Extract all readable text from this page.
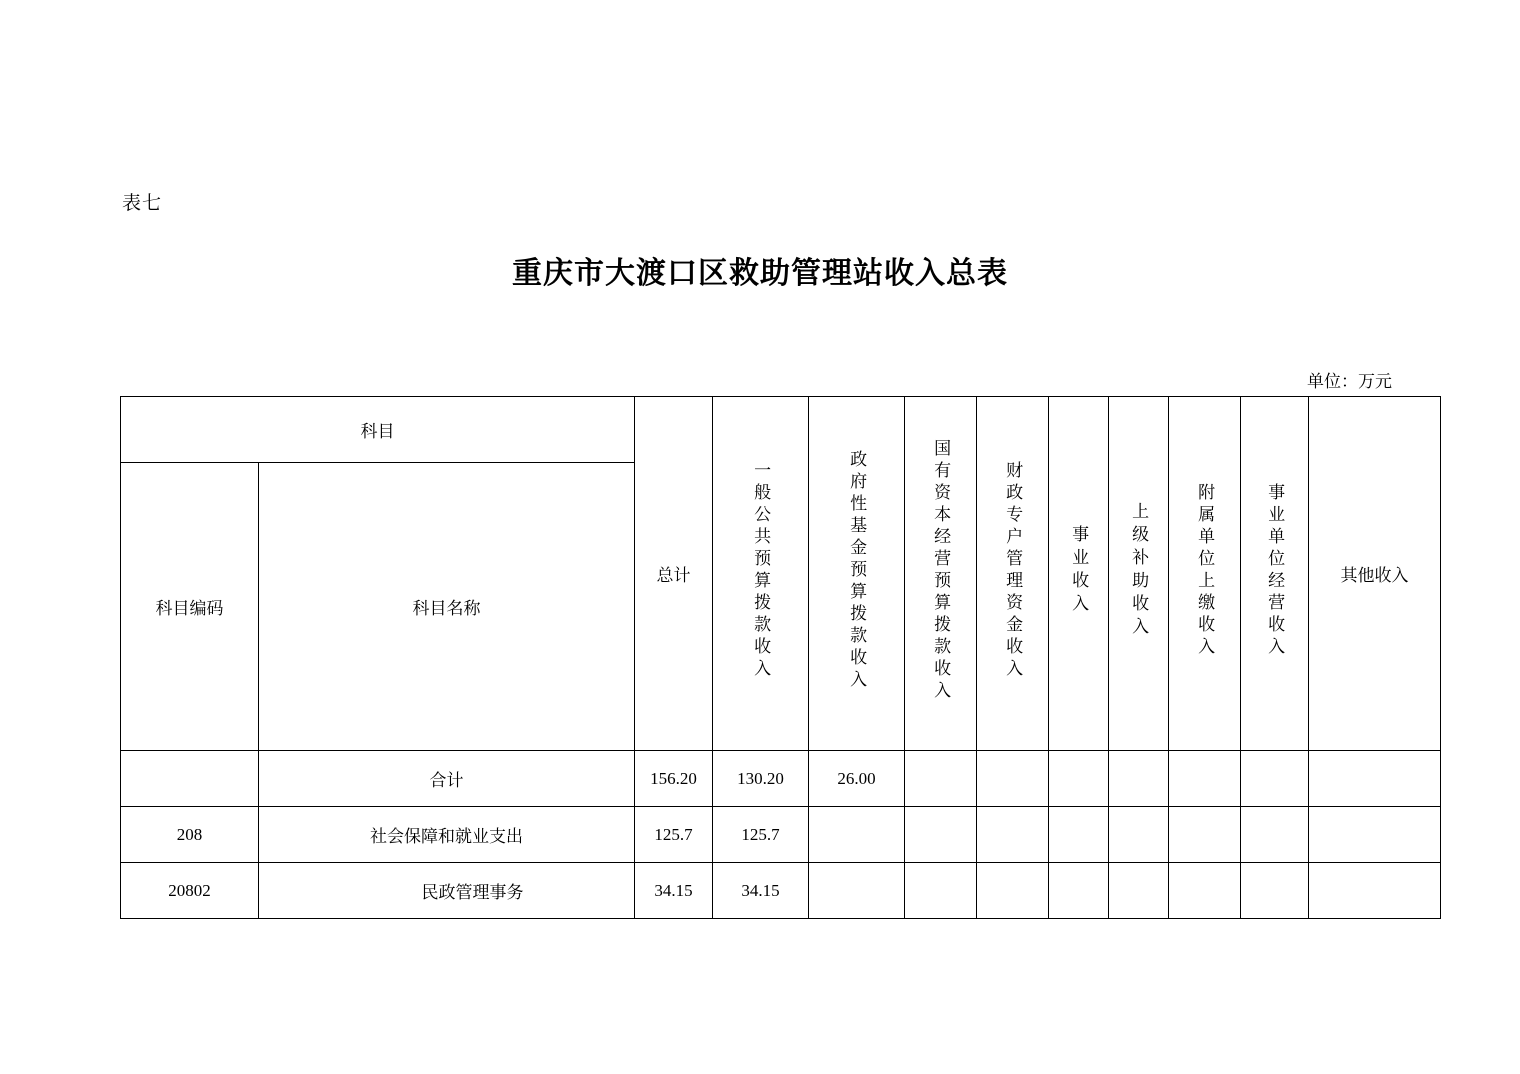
表七
重庆市大渡口区救助管理站收入总表
单位：万元
科目		总计	一般公共预算拨款收入	政府性基金预算拨款收入	国有资本经营预算拨款收入	财政专户管理资金收入	事业收入	上级补助收入	附属单位上缴收入	事业单位经营收入	其他收入
科目编码	科目名称										
	合计	156.20	130.20	26.00							
208	社会保障和就业支出	125.7	125.7								
20802	民政管理事务	34.15	34.15								
